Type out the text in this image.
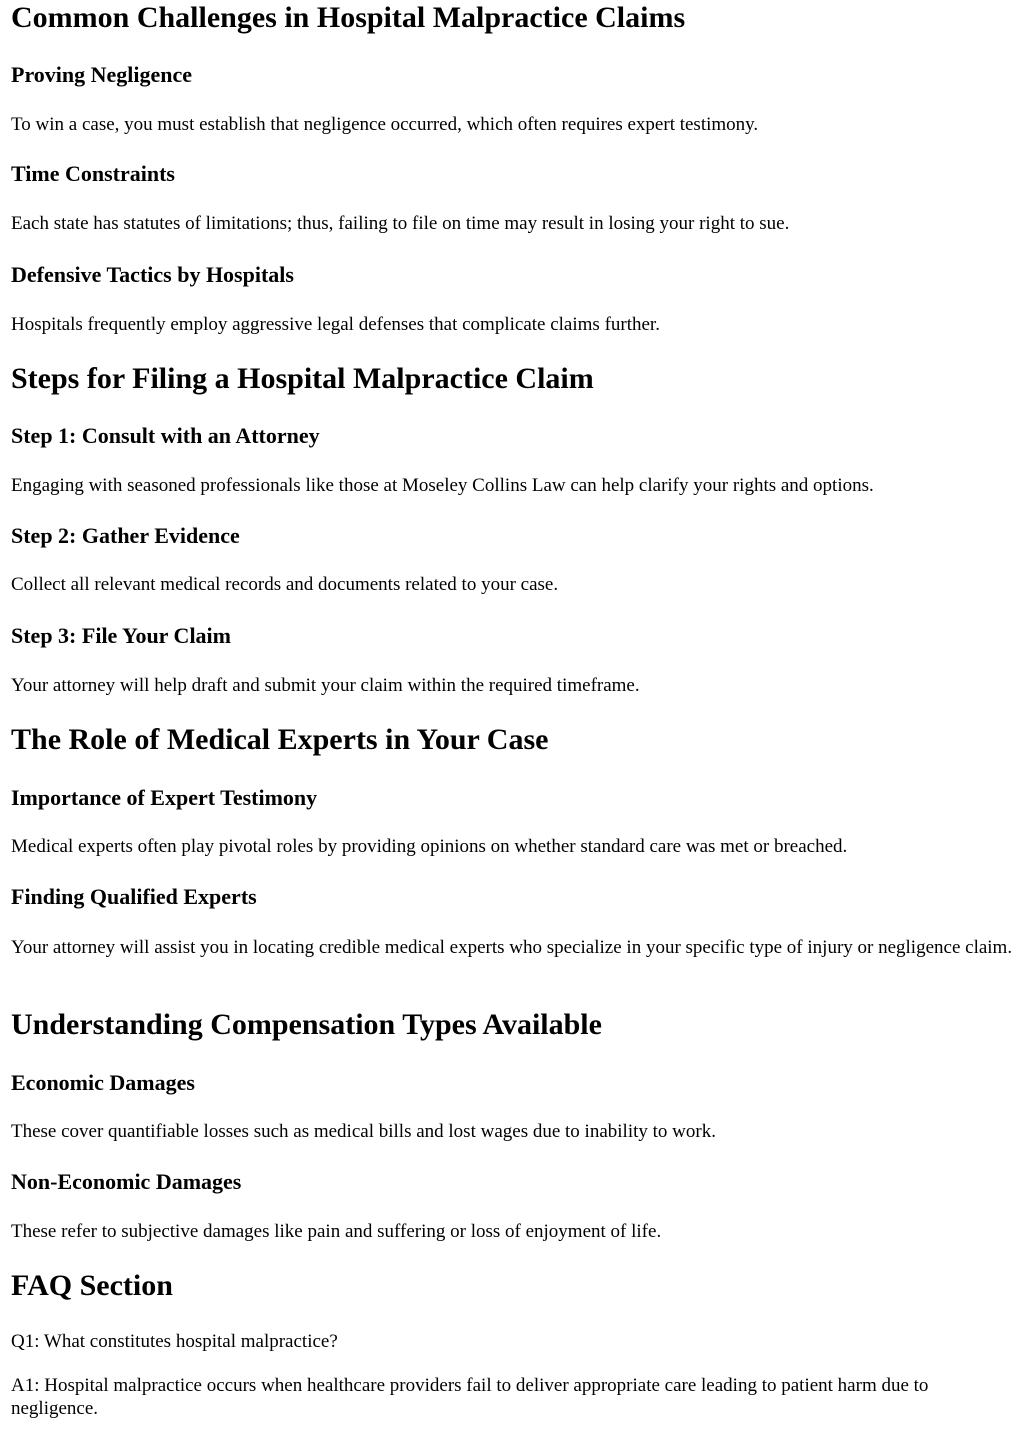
Common Challenges in Hospital Malpractice Claims
Proving Negligence

To win a case, you must establish that negligence occurred, which often requires expert testimony.

Time Constraints

Each state has statutes of limitations; thus, failing to file on time may result in losing your right to sue.

Defensive Tactics by Hospitals

Hospitals frequently employ aggressive legal defenses that complicate claims further.

Steps for Filing a Hospital Malpractice Claim
Step 1: Consult with an Attorney

Engaging with seasoned professionals like those at Moseley Collins Law can help clarify your rights and options.

Step 2: Gather Evidence

Collect all relevant medical records and documents related to your case.

Step 3: File Your Claim

Your attorney will help draft and submit your claim within the required timeframe.

The Role of Medical Experts in Your Case
Importance of Expert Testimony

Medical experts often play pivotal roles by providing opinions on whether standard care was met or breached.

Finding Qualified Experts

Your attorney will assist you in locating credible medical experts who specialize in your specific type of injury or negligence claim.

Understanding Compensation Types Available
Economic Damages

These cover quantifiable losses such as medical bills and lost wages due to inability to work.

Non-Economic Damages

These refer to subjective damages like pain and suffering or loss of enjoyment of life.

FAQ Section

Q1: What constitutes hospital malpractice?

A1: Hospital malpractice occurs when healthcare providers fail to deliver appropriate care leading to patient harm due to negligence.
